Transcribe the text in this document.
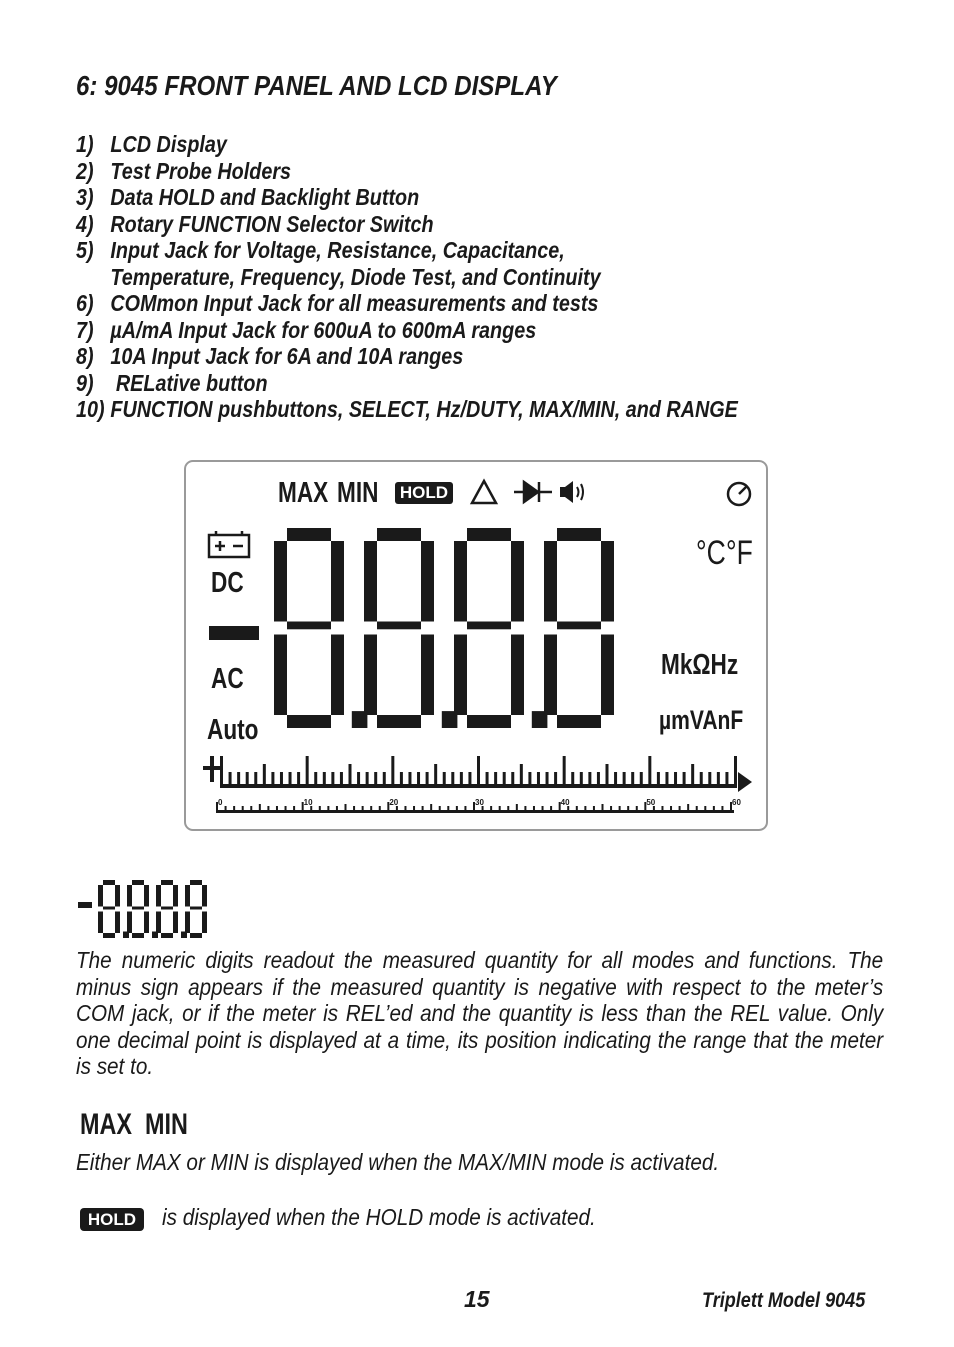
6: 9045 FRONT PANEL AND LCD DISPLAY
1) LCD Display
2) Test Probe Holders
3) Data HOLD and Backlight Button
4) Rotary FUNCTION Selector Switch
5) Input Jack for Voltage, Resistance, Capacitance,
Temperature, Frequency, Diode Test, and Continuity
6) COMmon Input Jack for all measurements and tests
7) µA/mA Input Jack for 600uA to 600mA ranges
8) 10A Input Jack for 6A and 10A ranges
9) RELative button
10) FUNCTION pushbuttons, SELECT, Hz/DUTY, MAX/MIN, and RANGE
MAX MIN	HOLD
DC
AC
Auto
°C °F
MkΩHz
µmVAnF
0	10	20	30	40	50	60
The numeric digits readout the measured quantity for all modes and functions. The minus sign appears if the measured quantity is negative with respect to the meter’s COM jack, or if the meter is REL’ed and the quantity is less than the REL value. Only one decimal point is displayed at a time, its position indicating the range that the meter is set to.
MAX  MIN
Either MAX or MIN is displayed when the MAX/MIN mode is activated.
HOLD	is displayed when the HOLD mode is activated.
15	Triplett Model 9045
